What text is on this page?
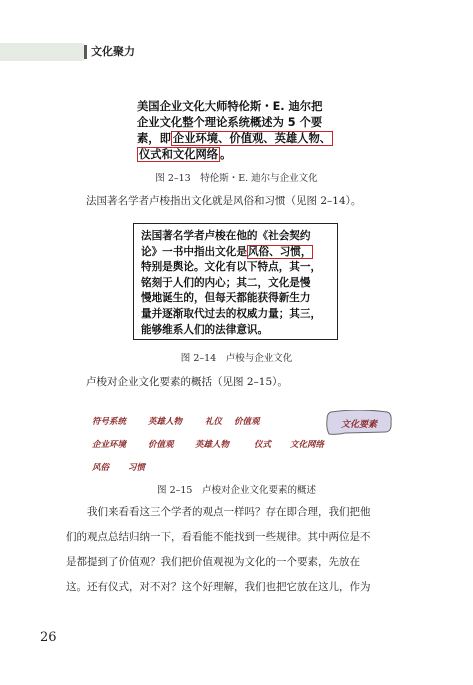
文化聚力
美国企业文化大师特伦斯・E. 迪尔把
企业文化整个理论系统概述为 5 个要
素，即 企业环境、价值观、英雄人物、
仪式和文化网络 。
图 2–13　特伦斯・E. 迪尔与企业文化
法国著名学者卢梭指出文化就是风俗和习惯（见图 2–14）。
法国著名学者卢梭在他的《社会契约
论》一书中指出文化是风俗、习惯，
特别是舆论。文化有以下特点，其一，
铭刻于人们的内心；其二，文化是慢
慢地诞生的，但每天都能获得新生力
量并逐渐取代过去的权威力量；其三，
能够维系人们的法律意识。
图 2–14　卢梭与企业文化
卢梭对企业文化要素的概括（见图 2–15）。
符号系统	英雄人物	礼仪 价值观
企业环境	价值观	英雄人物	仪式 文化网络
风俗 习惯
文化要素
图 2–15　卢梭对企业文化要素的概述
我们来看看这三个学者的观点一样吗？存在即合理，我们把他
们的观点总结归纳一下，看看能不能找到一些规律。其中两位是不
是都提到了价值观？我们把价值观视为文化的一个要素，先放在
这。还有仪式，对不对？这个好理解，我们也把它放在这儿，作为
26
